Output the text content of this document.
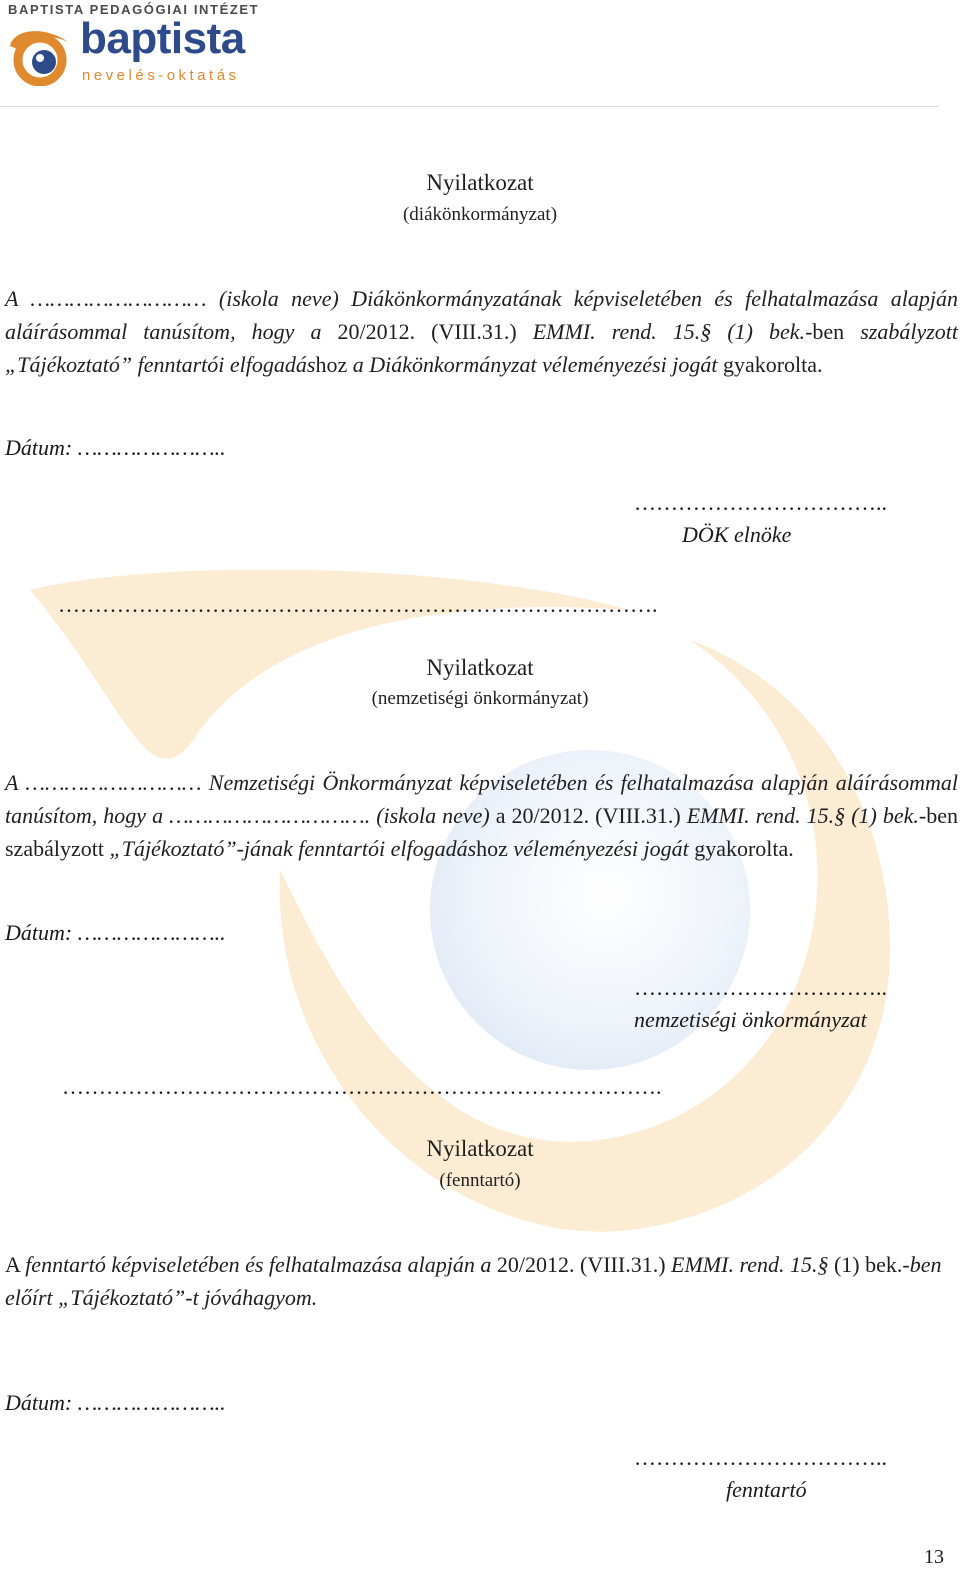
BAPTISTA PEDAGÓGIAI INTÉZET
baptista
nevelés-oktatás
Nyilatkozat
(diákönkormányzat)
A ……………………… (iskola neve) Diákönkormányzatának képviseletében és felhatalmazása alapján aláírásommal tanúsítom, hogy a 20/2012. (VIII.31.) EMMI. rend. 15.§ (1) bek.-ben szabályzott „Tájékoztató” fenntartói elfogadáshoz a Diákönkormányzat véleményezési jogát gyakorolta.
Dátum: …………………..
……………………………..
DÖK elnöke
……………………………………………………………………….
Nyilatkozat
(nemzetiségi önkormányzat)
A ……………………… Nemzetiségi Önkormányzat képviseletében és felhatalmazása alapján aláírásommal tanúsítom, hogy a …………………………. (iskola neve) a 20/2012. (VIII.31.) EMMI. rend. 15.§ (1) bek.-ben szabályzott „Tájékoztató”-jának fenntartói elfogadáshoz véleményezési jogát gyakorolta.
Dátum: …………………..
……………………………..
nemzetiségi önkormányzat
……………………………………………………………………….
Nyilatkozat
(fenntartó)
A fenntartó képviseletében és felhatalmazása alapján a 20/2012. (VIII.31.) EMMI. rend. 15.§ (1) bek.-ben előírt „Tájékoztató”-t jóváhagyom.
Dátum: …………………..
……………………………..
fenntartó
13
